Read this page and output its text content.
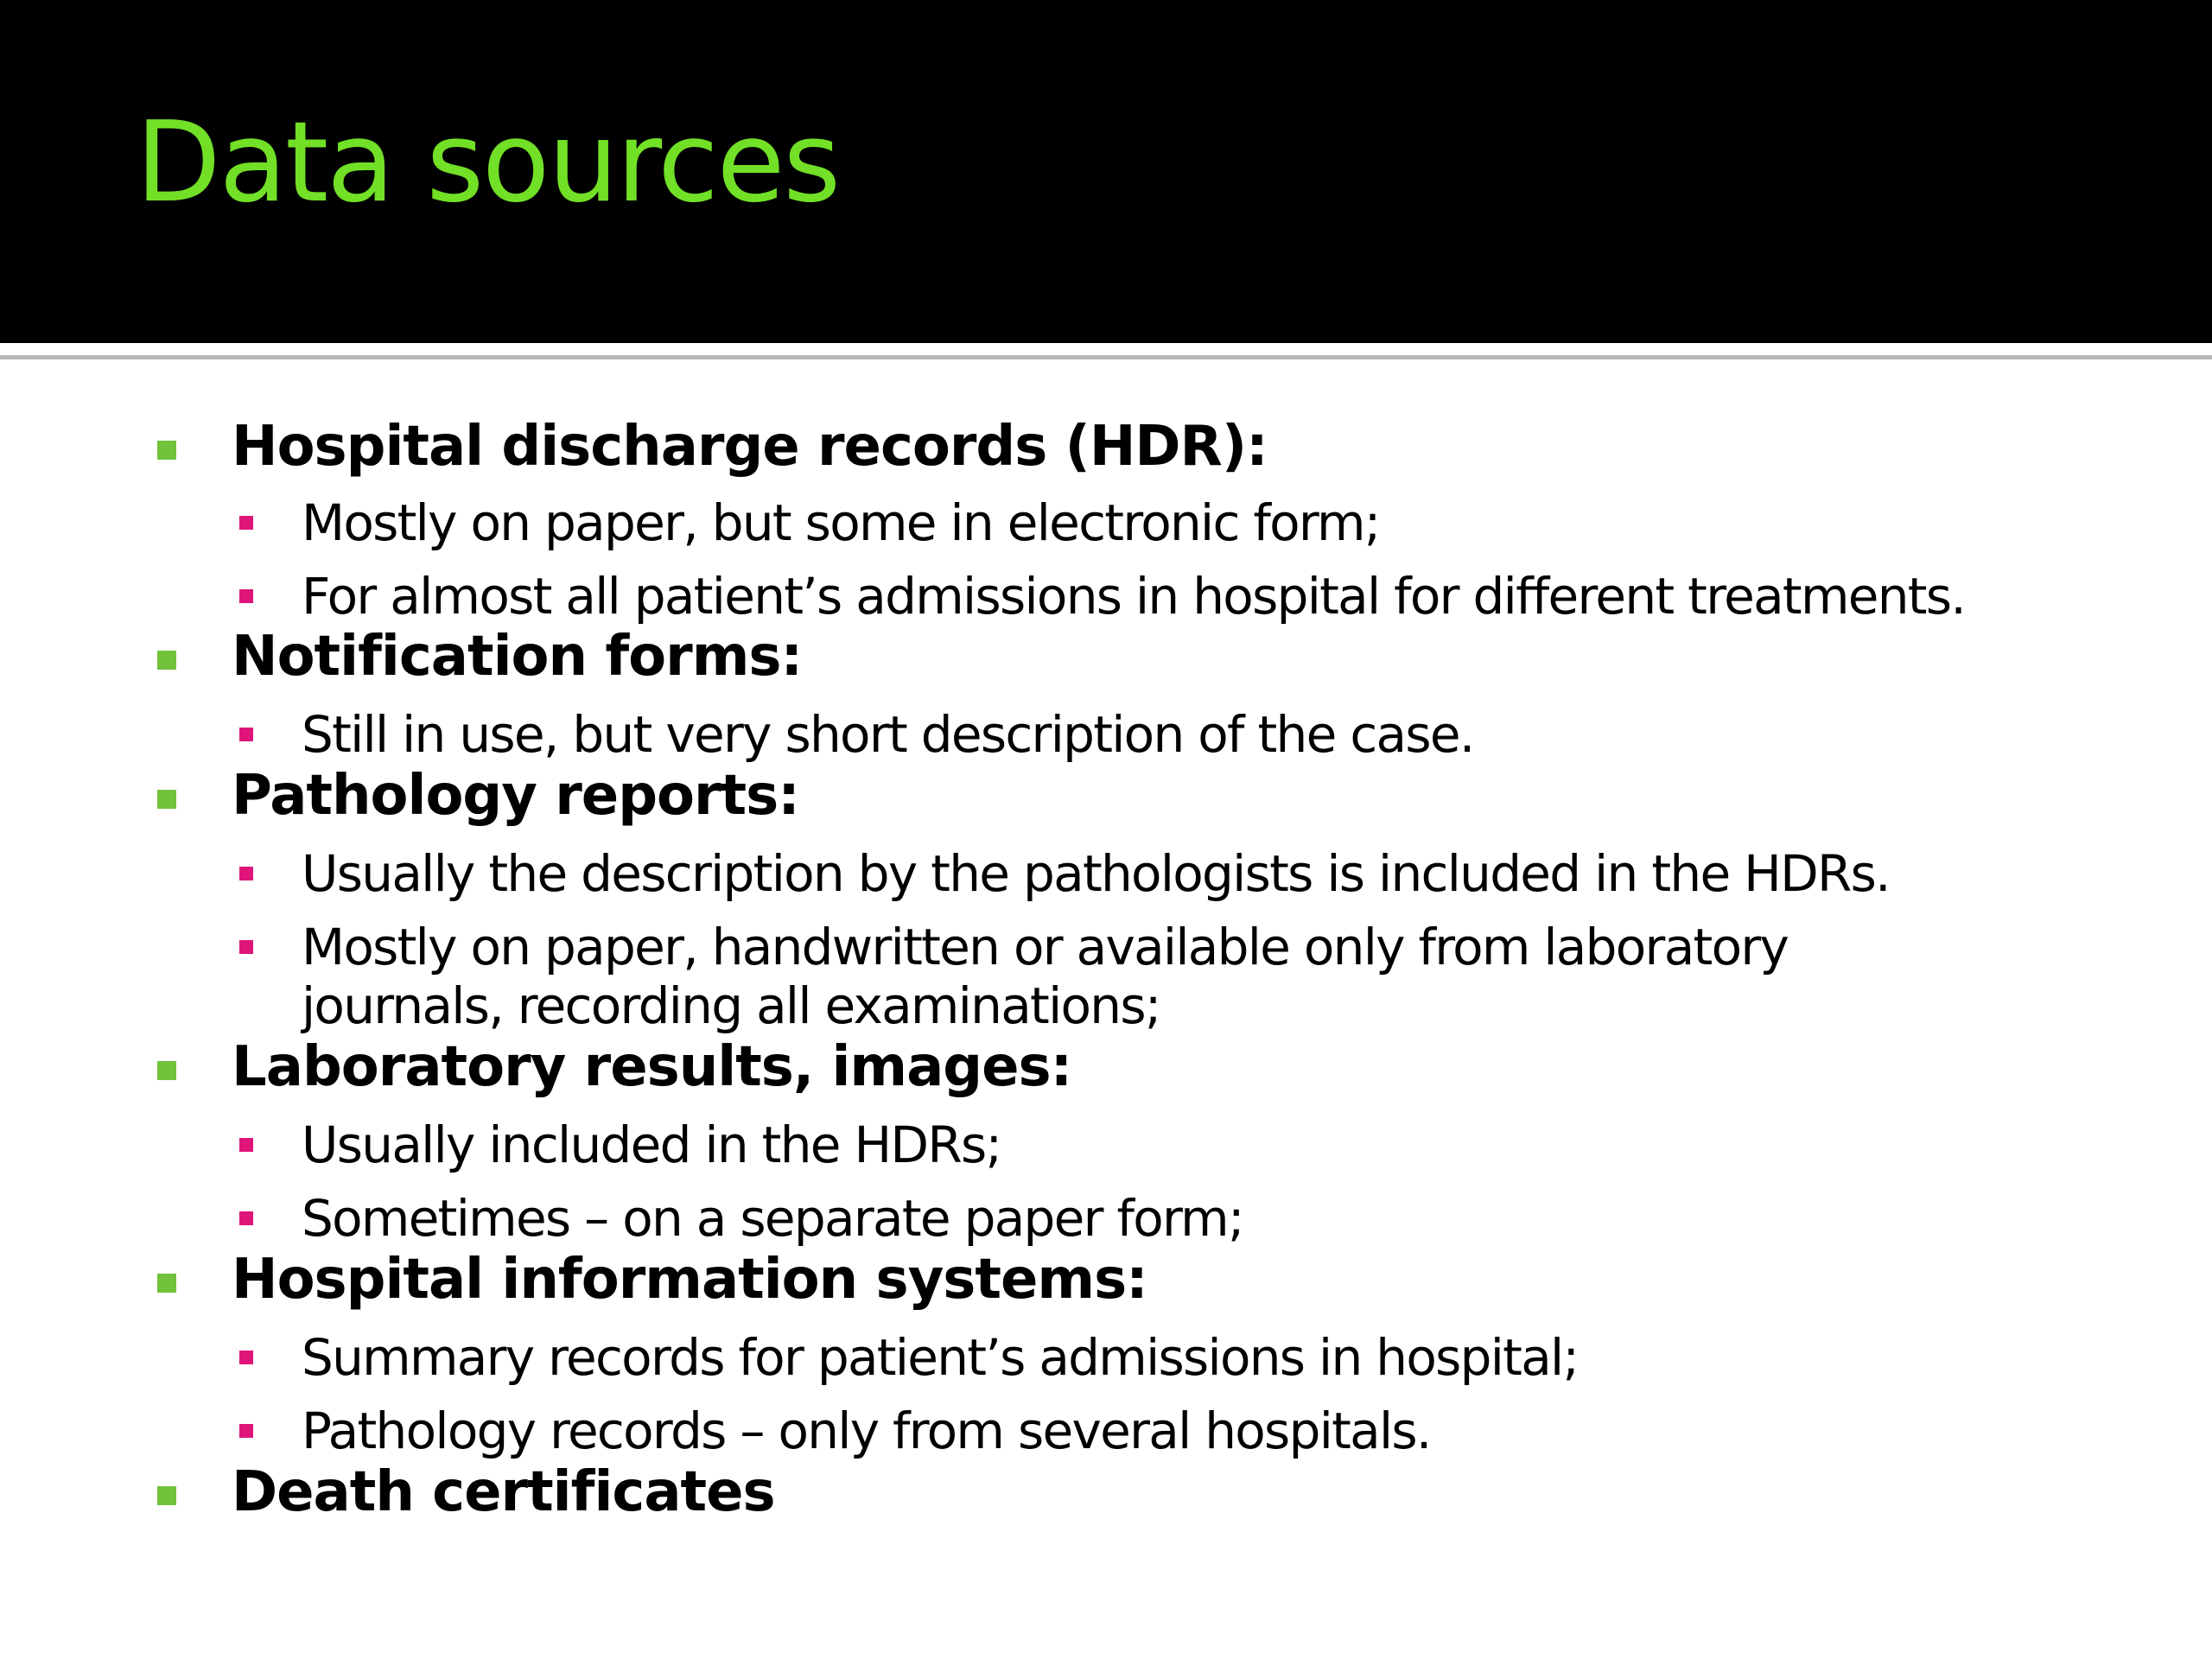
Data sources

Hospital discharge records (HDR):

Mostly on paper, but some in electronic form;

For almost all patient’s admissions in hospital for different treatments.

Notification forms:

Still in use, but very short description of the case.

Pathology reports:

Usually the description by the pathologists is included in the HDRs.

Mostly on paper, handwritten or available only from laboratory

journals, recording all examinations;

Laboratory results, images:

Usually included in the HDRs;

Sometimes – on a separate paper form;

Hospital information systems:

Summary records for patient’s admissions in hospital;

Pathology records – only from several hospitals.

Death certificates
